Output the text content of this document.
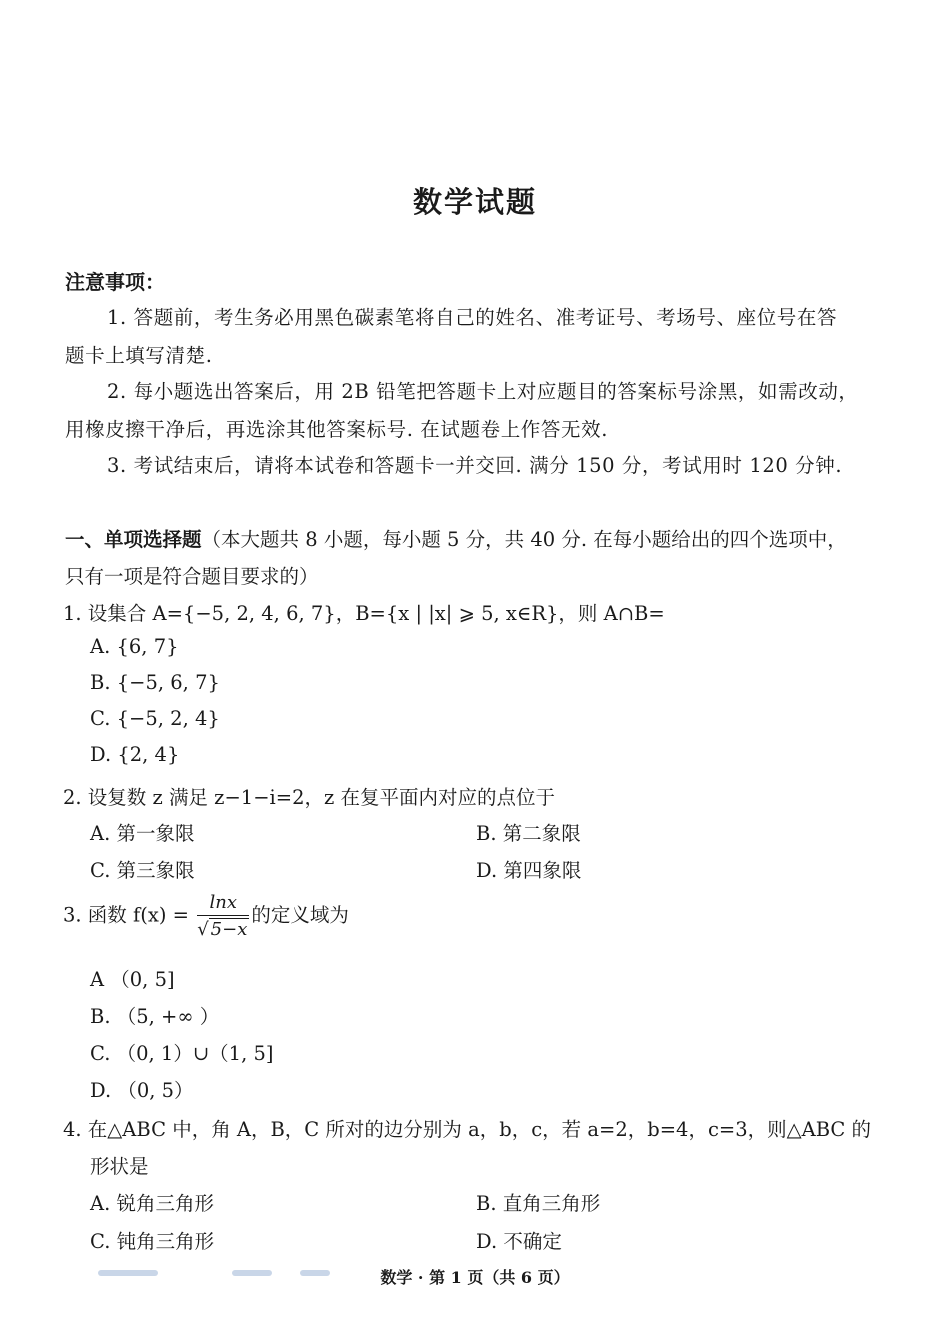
数学试题
注意事项：
1. 答题前，考生务必用黑色碳素笔将自己的姓名、准考证号、考场号、座位号在答
题卡上填写清楚.
2. 每小题选出答案后，用 2B 铅笔把答题卡上对应题目的答案标号涂黑，如需改动，
用橡皮擦干净后，再选涂其他答案标号. 在试题卷上作答无效.
3. 考试结束后，请将本试卷和答题卡一并交回. 满分 150 分，考试用时 120 分钟.
一、单项选择题（本大题共 8 小题，每小题 5 分，共 40 分. 在每小题给出的四个选项中，
只有一项是符合题目要求的）
1. 设集合 A={−5, 2, 4, 6, 7}，B={x | |x| ⩾ 5, x∈R}，则 A∩B=
A. {6, 7}
B. {−5, 6, 7}
C. {−5, 2, 4}
D. {2, 4}
2. 设复数 z 满足 z−1−i=2，z 在复平面内对应的点位于
A. 第一象限	B. 第二象限
C. 第三象限	D. 第四象限
3. 函数 $f(x) = \frac{\ln x}{√ 5-x}$ 的定义域为
A （0, 5]
B. （5, +∞ ）
C. （0, 1）∪（1, 5]
D. （0, 5）
4. 在△ABC 中，角 A，B，C 所对的边分别为 a，b，c，若 a=2，b=4，c=3，则△ABC 的
形状是
A. 锐角三角形	B. 直角三角形
C. 钝角三角形	D. 不确定
数学 · 第 1 页（共 6 页）
